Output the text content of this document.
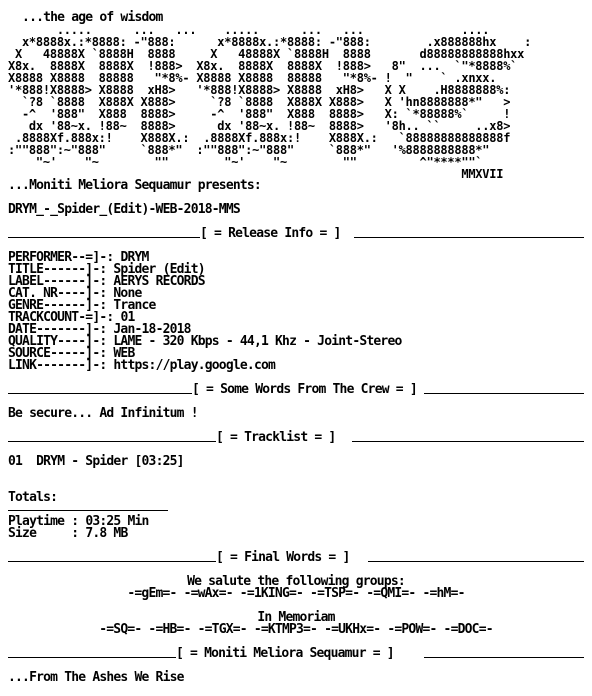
...the age of wisdom
.....      ...   ...    .....      ...   ...              ....
x*8888x.:*8888: -"888:      x*8888x.:*8888: -"888:        .x888888hx    :
X   48888X `8888H  8888     X   48888X `8888H  8888       d88888888888hxx
X8x.  8888X  8888X  !888>  X8x.  8888X  8888X  !888>   8"  ...  `"*8888%`
X8888 X8888  88888   "*8%- X8888 X8888  88888   "*8%- !  "    ` .xnxx.
'*888!X8888> X8888  xH8>   '*888!X8888> X8888  xH8>   X X    .H8888888%:
`?8 `8888  X888X X888>     `?8 `8888  X888X X888>   X 'hn8888888*"   >
-^  '888"  X888  8888>     -^  '888"  X888  8888>   X: `*88888%`     !
dx '88~x. !88~  8888>      dx '88~x. !88~  8888>   '8h.. ``     ..x8>
.8888Xf.888x:!    X888X.:  .8888Xf.888x:!    X888X.:   `88888888888888f
:""888":~"888"     `888*"  :""888":~"888"     `888*"   '%8888888888*"
"~'    "~        ""        "~'    "~        ""         ^"****""`
MMXVII
...Moniti Meliora Sequamur presents:
DRYM_-_Spider_(Edit)-WEB-2018-MMS
[ = Release Info = ]
PERFORMER--=]-: DRYM
TITLE------]-: Spider (Edit)
LABEL------]-: AERYS RECORDS
CAT. NR----]-: None
GENRE------]-: Trance
TRACKCOUNT-=]-: 01
DATE-------]-: Jan-18-2018
QUALITY----]-: LAME - 320 Kbps - 44,1 Khz - Joint-Stereo
SOURCE-----]-: WEB
LINK-------]-: https://play.google.com
[ = Some Words From The Crew = ]
Be secure... Ad Infinitum !
[ = Tracklist = ]
01 DRYM - Spider [03:25]
Totals:
Playtime : 03:25 Min
Size     : 7.8 MB
[ = Final Words = ]
We salute the following groups:
-=gEm=- -=wAx=- -=1KING=- -=TSP=- -=QMI=- -=hM=-
In Memoriam
-=SQ=- -=HB=- -=TGX=- -=KTMP3=- -=UKHx=- -=POW=- -=DOC=-
[ = Moniti Meliora Sequamur = ]
...From The Ashes We Rise
